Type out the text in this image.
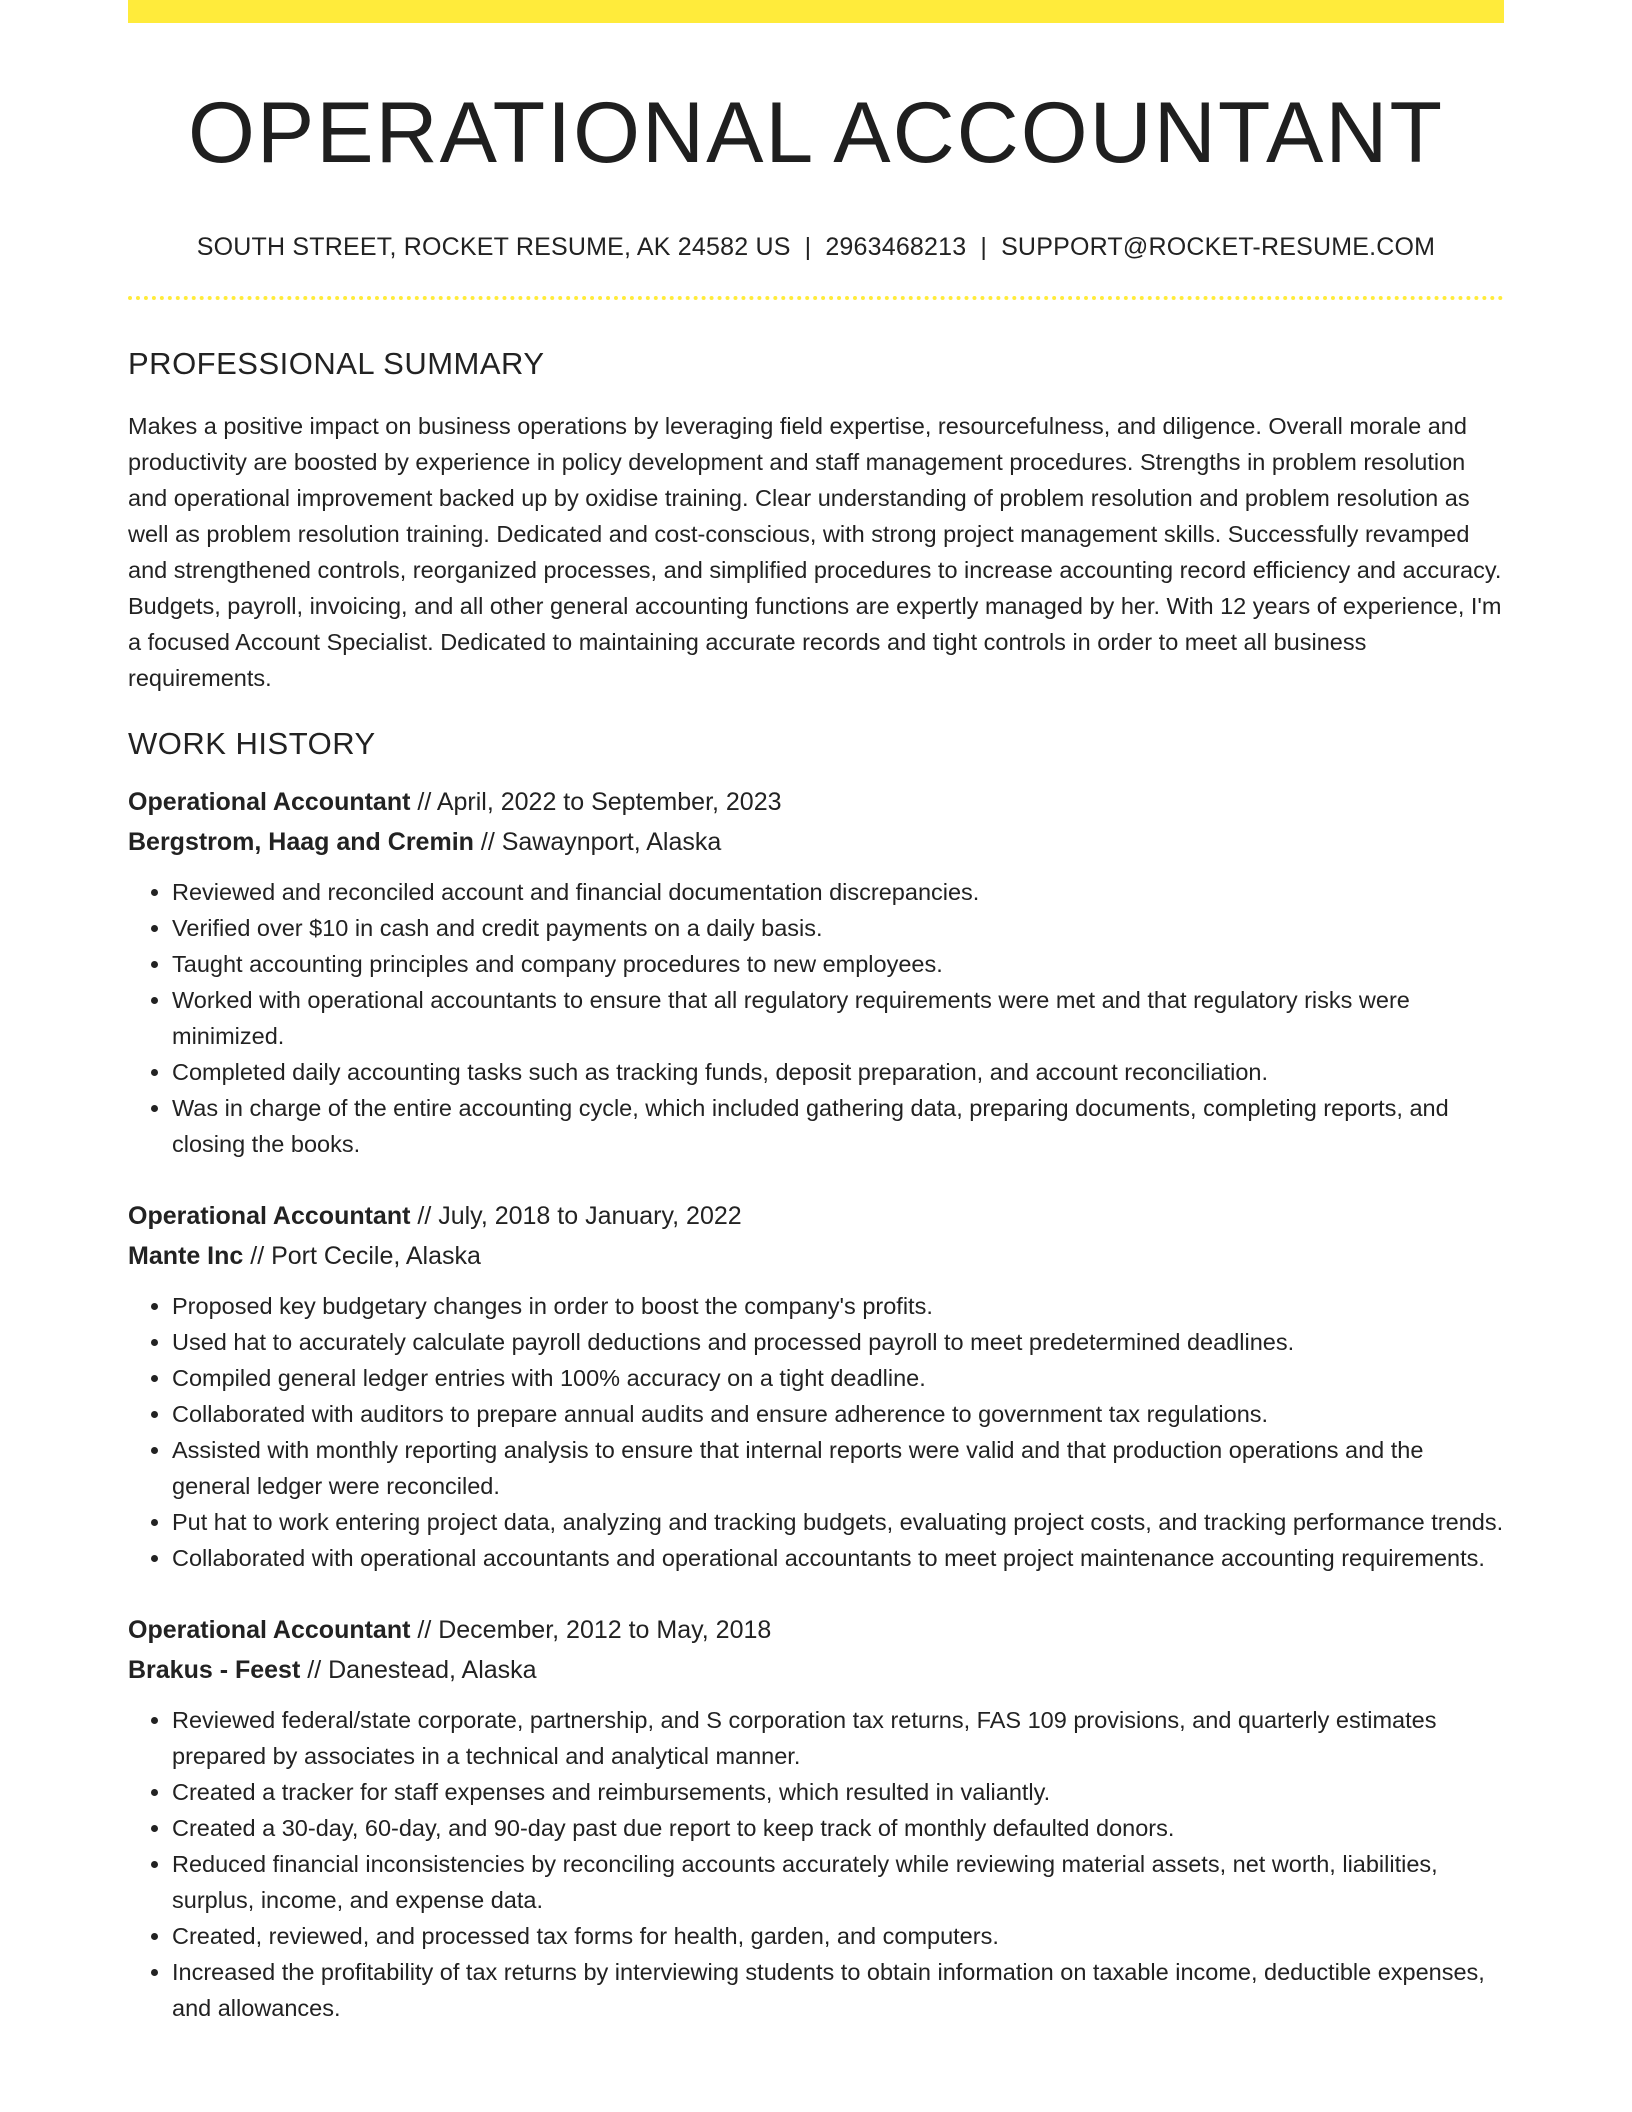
OPERATIONAL ACCOUNTANT
SOUTH STREET, ROCKET RESUME, AK 24582 US | 2963468213 | SUPPORT@ROCKET-RESUME.COM
PROFESSIONAL SUMMARY

Makes a positive impact on business operations by leveraging field expertise, resourcefulness, and diligence. Overall morale and productivity are boosted by experience in policy development and staff management procedures. Strengths in problem resolution and operational improvement backed up by oxidise training. Clear understanding of problem resolution and problem resolution as well as problem resolution training. Dedicated and cost-conscious, with strong project management skills. Successfully revamped and strengthened controls, reorganized processes, and simplified procedures to increase accounting record efficiency and accuracy. Budgets, payroll, invoicing, and all other general accounting functions are expertly managed by her. With 12 years of experience, I'm a focused Account Specialist. Dedicated to maintaining accurate records and tight controls in order to meet all business requirements.

WORK HISTORY
Operational Accountant // April, 2022 to September, 2023
Bergstrom, Haag and Cremin // Sawaynport, Alaska
• Reviewed and reconciled account and financial documentation discrepancies.
• Verified over $10 in cash and credit payments on a daily basis.
• Taught accounting principles and company procedures to new employees.
• Worked with operational accountants to ensure that all regulatory requirements were met and that regulatory risks were minimized.
• Completed daily accounting tasks such as tracking funds, deposit preparation, and account reconciliation.
• Was in charge of the entire accounting cycle, which included gathering data, preparing documents, completing reports, and closing the books.
Operational Accountant // July, 2018 to January, 2022
Mante Inc // Port Cecile, Alaska
• Proposed key budgetary changes in order to boost the company's profits.
• Used hat to accurately calculate payroll deductions and processed payroll to meet predetermined deadlines.
• Compiled general ledger entries with 100% accuracy on a tight deadline.
• Collaborated with auditors to prepare annual audits and ensure adherence to government tax regulations.
• Assisted with monthly reporting analysis to ensure that internal reports were valid and that production operations and the general ledger were reconciled.
• Put hat to work entering project data, analyzing and tracking budgets, evaluating project costs, and tracking performance trends.
• Collaborated with operational accountants and operational accountants to meet project maintenance accounting requirements.
Operational Accountant // December, 2012 to May, 2018
Brakus - Feest // Danestead, Alaska
• Reviewed federal/state corporate, partnership, and S corporation tax returns, FAS 109 provisions, and quarterly estimates prepared by associates in a technical and analytical manner.
• Created a tracker for staff expenses and reimbursements, which resulted in valiantly.
• Created a 30-day, 60-day, and 90-day past due report to keep track of monthly defaulted donors.
• Reduced financial inconsistencies by reconciling accounts accurately while reviewing material assets, net worth, liabilities, surplus, income, and expense data.
• Created, reviewed, and processed tax forms for health, garden, and computers.
• Increased the profitability of tax returns by interviewing students to obtain information on taxable income, deductible expenses, and allowances.
